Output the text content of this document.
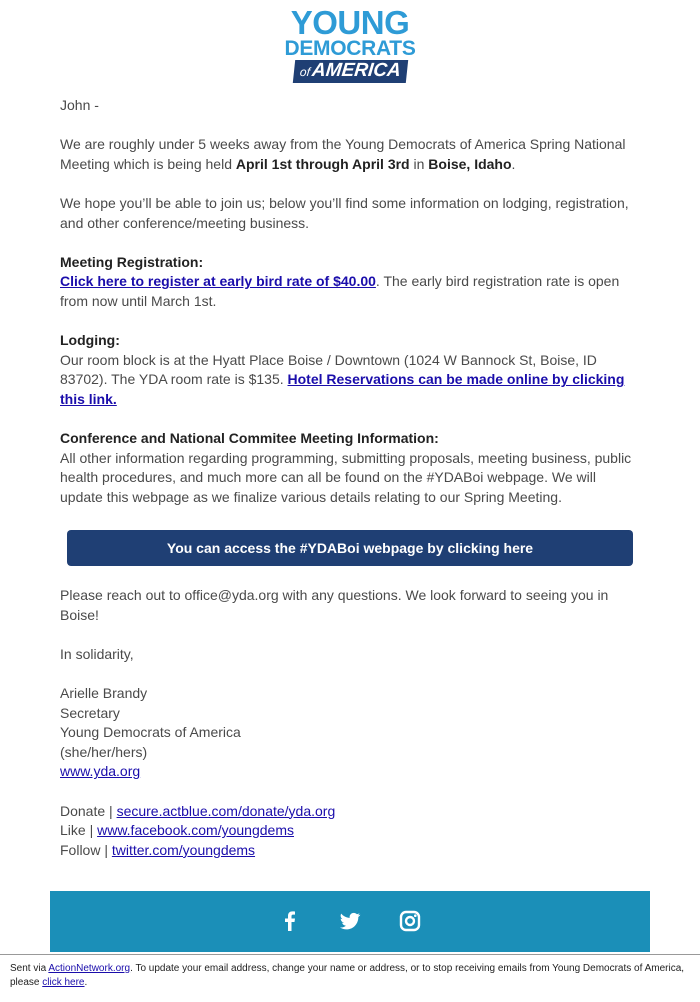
YOUNG
DEMOCRATS
ofAMERICA

John -

We are roughly under 5 weeks away from the Young Democrats of America Spring National Meeting which is being held April 1st through April 3rd in Boise, Idaho.

We hope you’ll be able to join us; below you’ll find some information on lodging, registration, and other conference/meeting business.

Meeting Registration:
Click here to register at early bird rate of $40.00. The early bird registration rate is open from now until March 1st.

Lodging:
Our room block is at the Hyatt Place Boise / Downtown (1024 W Bannock St, Boise, ID 83702). The YDA room rate is $135. Hotel Reservations can be made online by clicking this link.

Conference and National Commitee Meeting Information:
All other information regarding programming, submitting proposals, meeting business, public health procedures, and much more can all be found on the #YDABoi webpage. We will update this webpage as we finalize various details relating to our Spring Meeting.

You can access the #YDABoi webpage by clicking here

Please reach out to office@yda.org with any questions. We look forward to seeing you in Boise!

In solidarity,

Arielle Brandy

Secretary

Young Democrats of America

(she/her/hers)

www.yda.org

Donate | secure.actblue.com/donate/yda.org

Like | www.facebook.com/youngdems

Follow | twitter.com/youngdems

Sent via ActionNetwork.org. To update your email address, change your name or address, or to stop receiving emails from Young Democrats of America, please click here.
